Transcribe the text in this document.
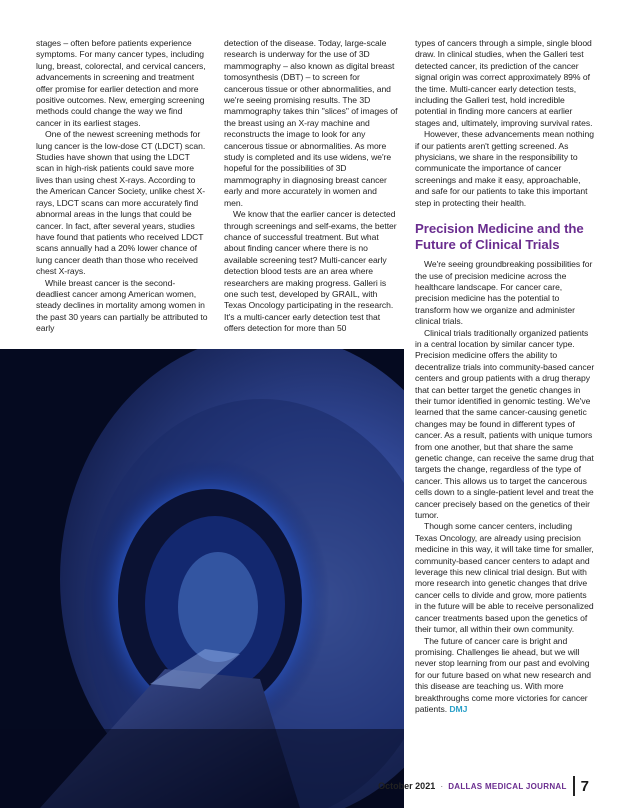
stages – often before patients experience symptoms. For many cancer types, including lung, breast, colorectal, and cervical cancers, advancements in screening and treatment offer promise for earlier detection and more positive outcomes. New, emerging screening methods could change the way we find cancer in its earliest stages.

One of the newest screening methods for lung cancer is the low-dose CT (LDCT) scan. Studies have shown that using the LDCT scan in high-risk patients could save more lives than using chest X-rays. According to the American Cancer Society, unlike chest X-rays, LDCT scans can more accurately find abnormal areas in the lungs that could be cancer. In fact, after several years, studies have found that patients who received LDCT scans annually had a 20% lower chance of lung cancer death than those who received chest X-rays.

While breast cancer is the second-deadliest cancer among American women, steady declines in mortality among women in the past 30 years can partially be attributed to early

detection of the disease. Today, large-scale research is underway for the use of 3D mammography – also known as digital breast tomosynthesis (DBT) – to screen for cancerous tissue or other abnormalities, and we're seeing promising results. The 3D mammography takes thin "slices" of images of the breast using an X-ray machine and reconstructs the image to look for any cancerous tissue or abnormalities. As more study is completed and its use widens, we're hopeful for the possibilities of 3D mammography in diagnosing breast cancer early and more accurately in women and men.

We know that the earlier cancer is detected through screenings and self-exams, the better chance of successful treatment. But what about finding cancer where there is no available screening test? Multi-cancer early detection blood tests are an area where researchers are making progress. Galleri is one such test, developed by GRAIL, with Texas Oncology participating in the research. It's a multi-cancer early detection test that offers detection for more than 50

types of cancers through a simple, single blood draw. In clinical studies, when the Galleri test detected cancer, its prediction of the cancer signal origin was correct approximately 89% of the time. Multi-cancer early detection tests, including the Galleri test, hold incredible potential in finding more cancers at earlier stages and, ultimately, improving survival rates.

However, these advancements mean nothing if our patients aren't getting screened. As physicians, we share in the responsibility to communicate the importance of cancer screenings and make it easy, approachable, and safe for our patients to take this important step in protecting their health.

Precision Medicine and the Future of Clinical Trials

We're seeing groundbreaking possibilities for the use of precision medicine across the healthcare landscape. For cancer care, precision medicine has the potential to transform how we organize and administer clinical trials.

Clinical trials traditionally organized patients in a central location by similar cancer type. Precision medicine offers the ability to decentralize trials into community-based cancer centers and group patients with a drug therapy that can better target the genetic changes in their tumor identified in genomic testing. We've learned that the same cancer-causing genetic changes may be found in different types of cancer. As a result, patients with unique tumors from one another, but that share the same genetic change, can receive the same drug that targets the change, regardless of the type of cancer. This allows us to target the cancerous cells down to a single-patient level and treat the cancer precisely based on the genetics of their tumor.

Though some cancer centers, including Texas Oncology, are already using precision medicine in this way, it will take time for smaller, community-based cancer centers to adapt and leverage this new clinical trial design. But with more research into genetic changes that drive cancer cells to divide and grow, more patients in the future will be able to receive personalized cancer treatments based upon the genetics of their tumor, all within their own community.

The future of cancer care is bright and promising. Challenges lie ahead, but we will never stop learning from our past and evolving for our future based on what new research and this disease are teaching us. With more breakthroughs come more victories for cancer patients. DMJ

October 2021 · DALLAS MEDICAL JOURNAL 7
